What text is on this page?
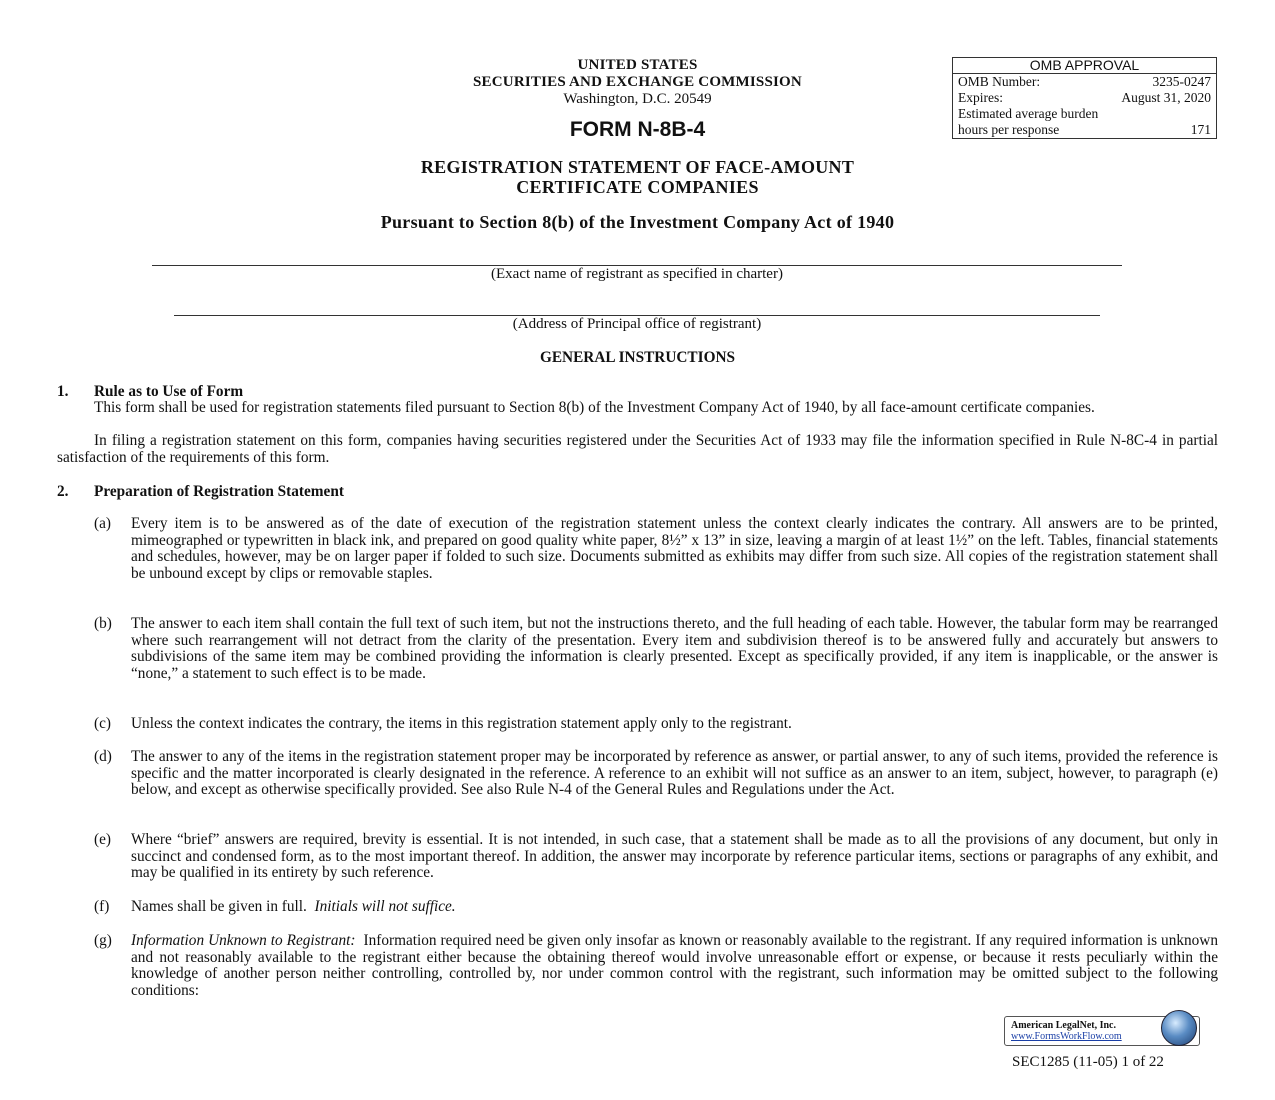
UNITED STATES
SECURITIES AND EXCHANGE COMMISSION
Washington, D.C. 20549
OMB APPROVAL
OMB Number:	3235-0247
Expires:	August 31, 2020
Estimated average burden
hours per response	171
FORM N-8B-4
REGISTRATION STATEMENT OF FACE-AMOUNT
CERTIFICATE COMPANIES
Pursuant to Section 8(b) of the Investment Company Act of 1940
(Exact name of registrant as specified in charter)
(Address of Principal office of registrant)
GENERAL INSTRUCTIONS
1. Rule as to Use of Form
This form shall be used for registration statements filed pursuant to Section 8(b) of the Investment Company Act of 1940, by all face-amount certificate companies.
In filing a registration statement on this form, companies having securities registered under the Securities Act of 1933 may file the information specified in Rule N-8C-4 in partial satisfaction of the requirements of this form.
2. Preparation of Registration Statement
(a)	Every item is to be answered as of the date of execution of the registration statement unless the context clearly indicates the contrary. All answers are to be printed, mimeographed or typewritten in black ink, and prepared on good quality white paper, 8½” x 13” in size, leaving a margin of at least 1½” on the left. Tables, financial statements and schedules, however, may be on larger paper if folded to such size. Documents submitted as exhibits may differ from such size. All copies of the registration statement shall be unbound except by clips or removable staples.
(b)	The answer to each item shall contain the full text of such item, but not the instructions thereto, and the full heading of each table. However, the tabular form may be rearranged where such rearrangement will not detract from the clarity of the presentation. Every item and subdivision thereof is to be answered fully and accurately but answers to subdivisions of the same item may be combined providing the information is clearly presented. Except as specifically provided, if any item is inapplicable, or the answer is “none,” a statement to such effect is to be made.
(c)	Unless the context indicates the contrary, the items in this registration statement apply only to the registrant.
(d)	The answer to any of the items in the registration statement proper may be incorporated by reference as answer, or partial answer, to any of such items, provided the reference is specific and the matter incorporated is clearly designated in the reference. A reference to an exhibit will not suffice as an answer to an item, subject, however, to paragraph (e) below, and except as otherwise specifically provided. See also Rule N-4 of the General Rules and Regulations under the Act.
(e)	Where “brief” answers are required, brevity is essential. It is not intended, in such case, that a statement shall be made as to all the provisions of any document, but only in succinct and condensed form, as to the most important thereof. In addition, the answer may incorporate by reference particular items, sections or paragraphs of any exhibit, and may be qualified in its entirety by such reference.
(f)	Names shall be given in full. Initials will not suffice.
(g)	Information Unknown to Registrant: Information required need be given only insofar as known or reasonably available to the registrant. If any required information is unknown and not reasonably available to the registrant either because the obtaining thereof would involve unreasonable effort or expense, or because it rests peculiarly within the knowledge of another person neither controlling, controlled by, nor under common control with the registrant, such information may be omitted subject to the following conditions:
American LegalNet, Inc.
www.FormsWorkFlow.com
SEC1285 (11-05) 1 of 22
